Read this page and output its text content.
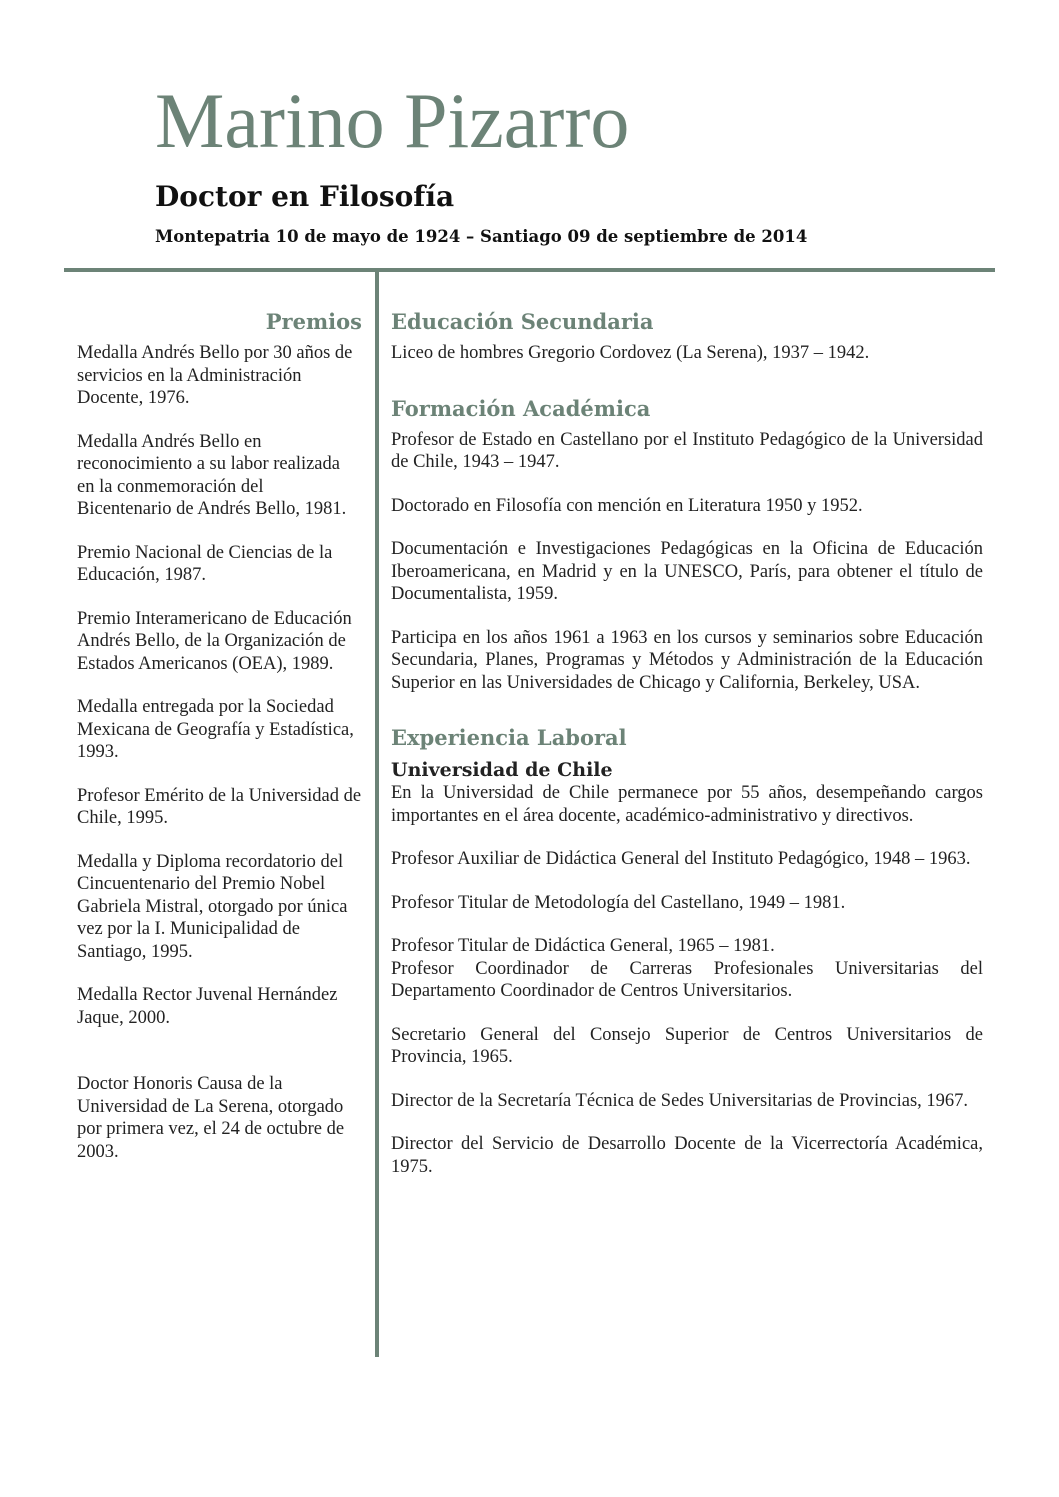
Marino Pizarro
Doctor en Filosofía
Montepatria 10 de mayo de 1924 – Santiago 09 de septiembre de 2014
Premios

Medalla Andrés Bello por 30 años de servicios en la Administración Docente, 1976.

Medalla Andrés Bello en reconocimiento a su labor realizada en la conmemoración del Bicentenario de Andrés Bello, 1981.

Premio Nacional de Ciencias de la Educación, 1987.

Premio Interamericano de Educación Andrés Bello, de la Organización de Estados Americanos (OEA), 1989.

Medalla entregada por la Sociedad Mexicana de Geografía y Estadística, 1993.

Profesor Emérito de la Universidad de Chile, 1995.

Medalla y Diploma recordatorio del Cincuentenario del Premio Nobel Gabriela Mistral, otorgado por única vez por la I. Municipalidad de Santiago, 1995.

Medalla Rector Juvenal Hernández Jaque, 2000.

Doctor Honoris Causa de la Universidad de La Serena, otorgado por primera vez, el 24 de octubre de 2003.

Educación Secundaria

Liceo de hombres Gregorio Cordovez (La Serena), 1937 – 1942.

Formación Académica

Profesor de Estado en Castellano por el Instituto Pedagógico de la Universidad de Chile, 1943 – 1947.

Doctorado en Filosofía con mención en Literatura 1950 y 1952.

Documentación e Investigaciones Pedagógicas en la Oficina de Educación Iberoamericana, en Madrid y en la UNESCO, París, para obtener el título de Documentalista, 1959.

Participa en los años 1961 a 1963 en los cursos y seminarios sobre Educación Secundaria, Planes, Programas y Métodos y Administración de la Educación Superior en las Universidades de Chicago y California, Berkeley, USA.

Experiencia Laboral
Universidad de Chile

En la Universidad de Chile permanece por 55 años, desempeñando cargos importantes en el área docente, académico-administrativo y directivos.

Profesor Auxiliar de Didáctica General del Instituto Pedagógico, 1948 – 1963.

Profesor Titular de Metodología del Castellano, 1949 – 1981.

Profesor Titular de Didáctica General, 1965 – 1981.

Profesor Coordinador de Carreras Profesionales Universitarias del Departamento Coordinador de Centros Universitarios.

Secretario General del Consejo Superior de Centros Universitarios de Provincia, 1965.

Director de la Secretaría Técnica de Sedes Universitarias de Provincias, 1967.

Director del Servicio de Desarrollo Docente de la Vicerrectoría Académica, 1975.
